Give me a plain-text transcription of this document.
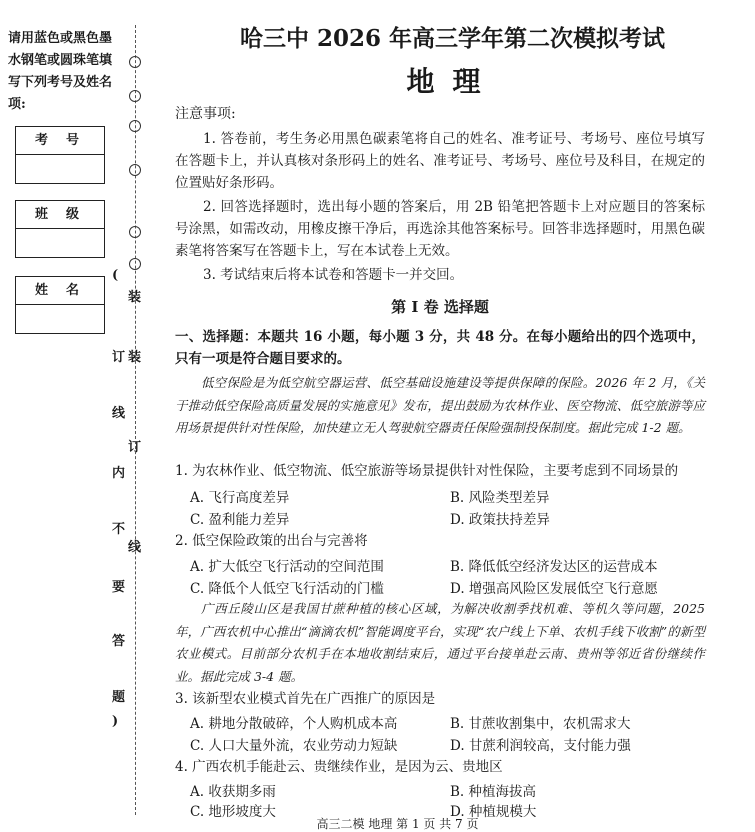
请用蓝色或黑色墨
水钢笔或圆珠笔填
写下列考号及姓名
项:
考号
班级
姓名
(
订
线
内
不
要
答
题
)
装
装
订
线
哈三中 2026 年高三学年第二次模拟考试
地理
注意事项:
1. 答卷前，考生务必用黑色碳素笔将自己的姓名、准考证号、考场号、座位号填写在答题卡上，并认真核对条形码上的姓名、准考证号、考场号、座位号及科目，在规定的位置贴好条形码。
2. 回答选择题时，选出每小题的答案后，用 2B 铅笔把答题卡上对应题目的答案标号涂黑，如需改动，用橡皮擦干净后，再选涂其他答案标号。回答非选择题时，用黑色碳素笔将答案写在答题卡上，写在本试卷上无效。
3. 考试结束后将本试卷和答题卡一并交回。
第 I 卷 选择题
一、选择题：本题共 16 小题，每小题 3 分，共 48 分。在每小题给出的四个选项中，只有一项是符合题目要求的。
低空保险是为低空航空器运营、低空基础设施建设等提供保障的保险。2026 年 2 月，《关于推动低空保险高质量发展的实施意见》发布，提出鼓励为农林作业、医空物流、低空旅游等应用场景提供针对性保险，加快建立无人驾驶航空器责任保险强制投保制度。据此完成 1-2 题。
1. 为农林作业、低空物流、低空旅游等场景提供针对性保险，主要考虑到不同场景的
A. 飞行高度差异	B. 风险类型差异
C. 盈利能力差异	D. 政策扶持差异
2. 低空保险政策的出台与完善将
A. 扩大低空飞行活动的空间范围	B. 降低低空经济发达区的运营成本
C. 降低个人低空飞行活动的门槛	D. 增强高风险区发展低空飞行意愿
广西丘陵山区是我国甘蔗种植的核心区域，为解决收割季找机难、等机久等问题，2025 年，广西农机中心推出“滴滴农机”智能调度平台，实现“农户线上下单、农机手线下收割”的新型农业模式。目前部分农机手在本地收割结束后，通过平台接单赴云南、贵州等邻近省份继续作业。据此完成 3-4 题。
3. 该新型农业模式首先在广西推广的原因是
A. 耕地分散破碎，个人购机成本高	B. 甘蔗收割集中，农机需求大
C. 人口大量外流，农业劳动力短缺	D. 甘蔗利润较高，支付能力强
4. 广西农机手能赴云、贵继续作业，是因为云、贵地区
A. 收获期多雨	B. 种植海拔高
C. 地形坡度大	D. 种植规模大
高三二模 地理 第 1 页 共 7 页
